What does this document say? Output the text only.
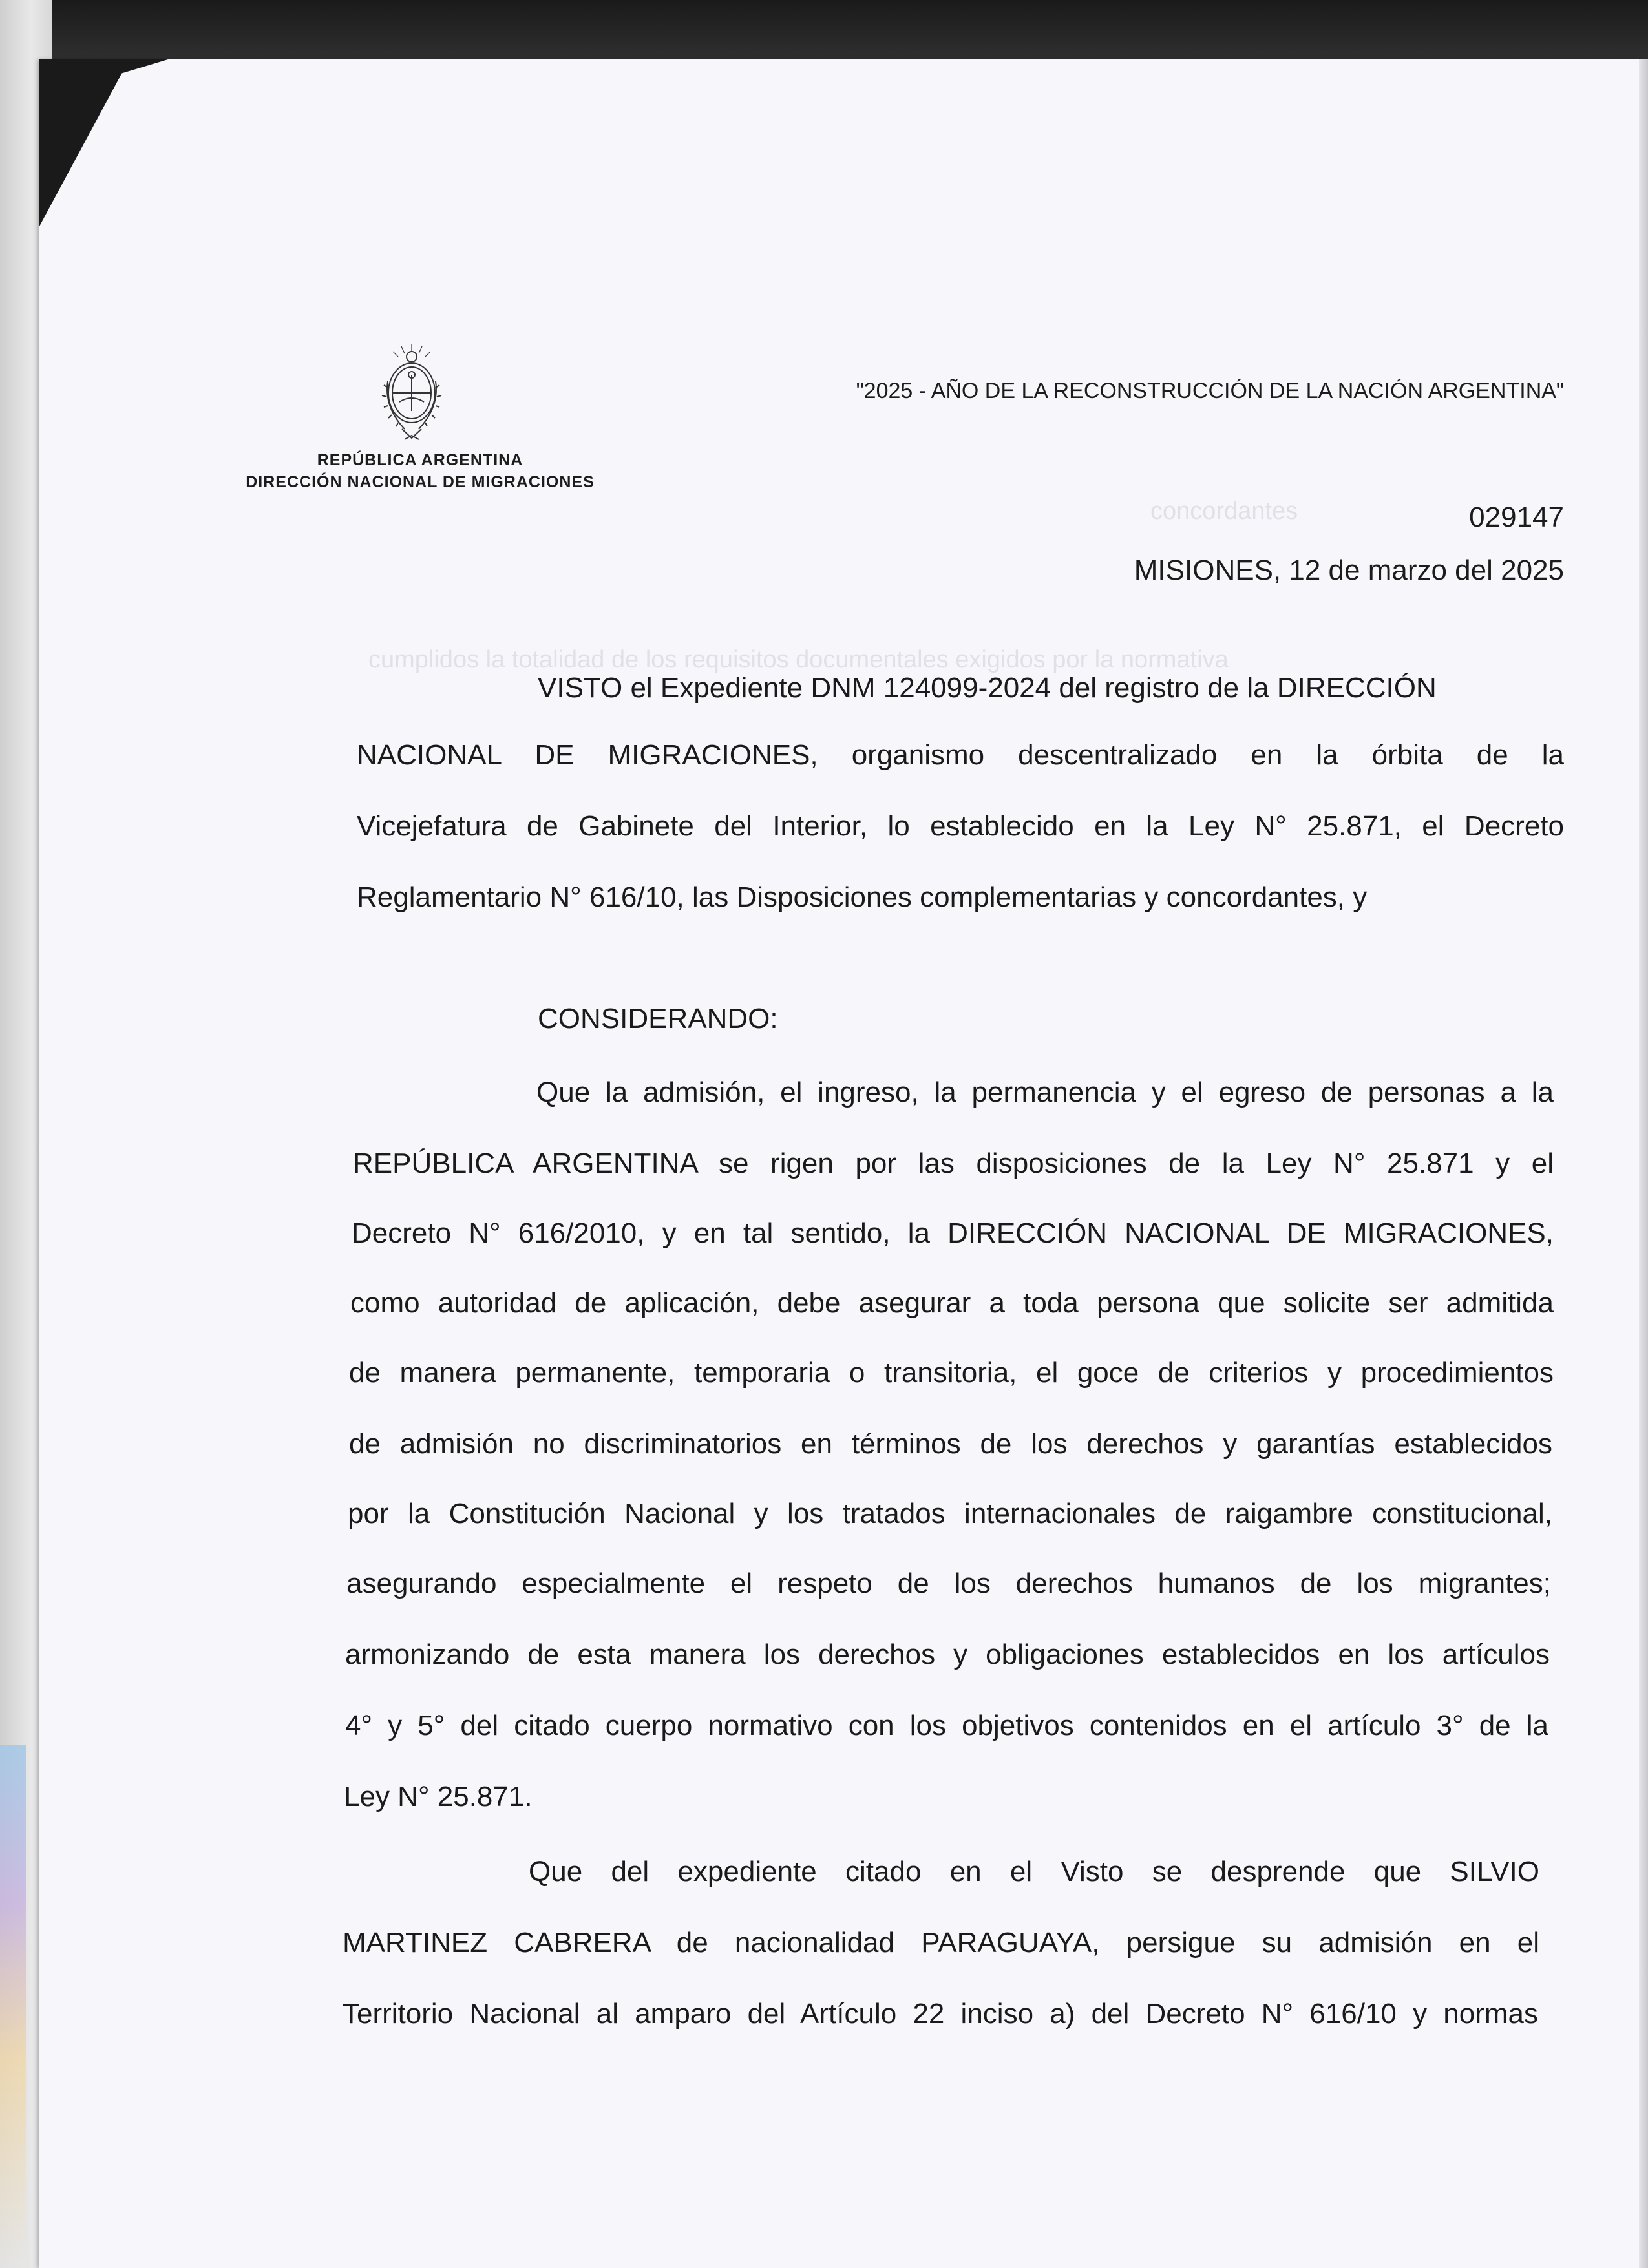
REPÚBLICA ARGENTINA
DIRECCIÓN NACIONAL DE MIGRACIONES
"2025 - AÑO DE LA RECONSTRUCCIÓN DE LA NACIÓN ARGENTINA"
029147
MISIONES, 12 de marzo del 2025
concordantes
cumplidos la totalidad de los requisitos documentales exigidos por la normativa
VISTO el Expediente DNM 124099-2024 del registro de la DIRECCIÓN
NACIONAL DE MIGRACIONES, organismo descentralizado en la órbita de la
Vicejefatura de Gabinete del Interior, lo establecido en la Ley N° 25.871, el Decreto
Reglamentario N° 616/10, las Disposiciones complementarias y concordantes, y
CONSIDERANDO:
Que la admisión, el ingreso, la permanencia y el egreso de personas a la
REPÚBLICA ARGENTINA se rigen por las disposiciones de la Ley N° 25.871 y el
Decreto N° 616/2010, y en tal sentido, la DIRECCIÓN NACIONAL DE MIGRACIONES,
como autoridad de aplicación, debe asegurar a toda persona que solicite ser admitida
de manera permanente, temporaria o transitoria, el goce de criterios y procedimientos
de admisión no discriminatorios en términos de los derechos y garantías establecidos
por la Constitución Nacional y los tratados internacionales de raigambre constitucional,
asegurando especialmente el respeto de los derechos humanos de los migrantes;
armonizando de esta manera los derechos y obligaciones establecidos en los artículos
4° y 5° del citado cuerpo normativo con los objetivos contenidos en el artículo 3° de la
Ley N° 25.871.
Que del expediente citado en el Visto se desprende que SILVIO
MARTINEZ CABRERA de nacionalidad PARAGUAYA, persigue su admisión en el
Territorio Nacional al amparo del Artículo 22 inciso a) del Decreto N° 616/10 y normas
